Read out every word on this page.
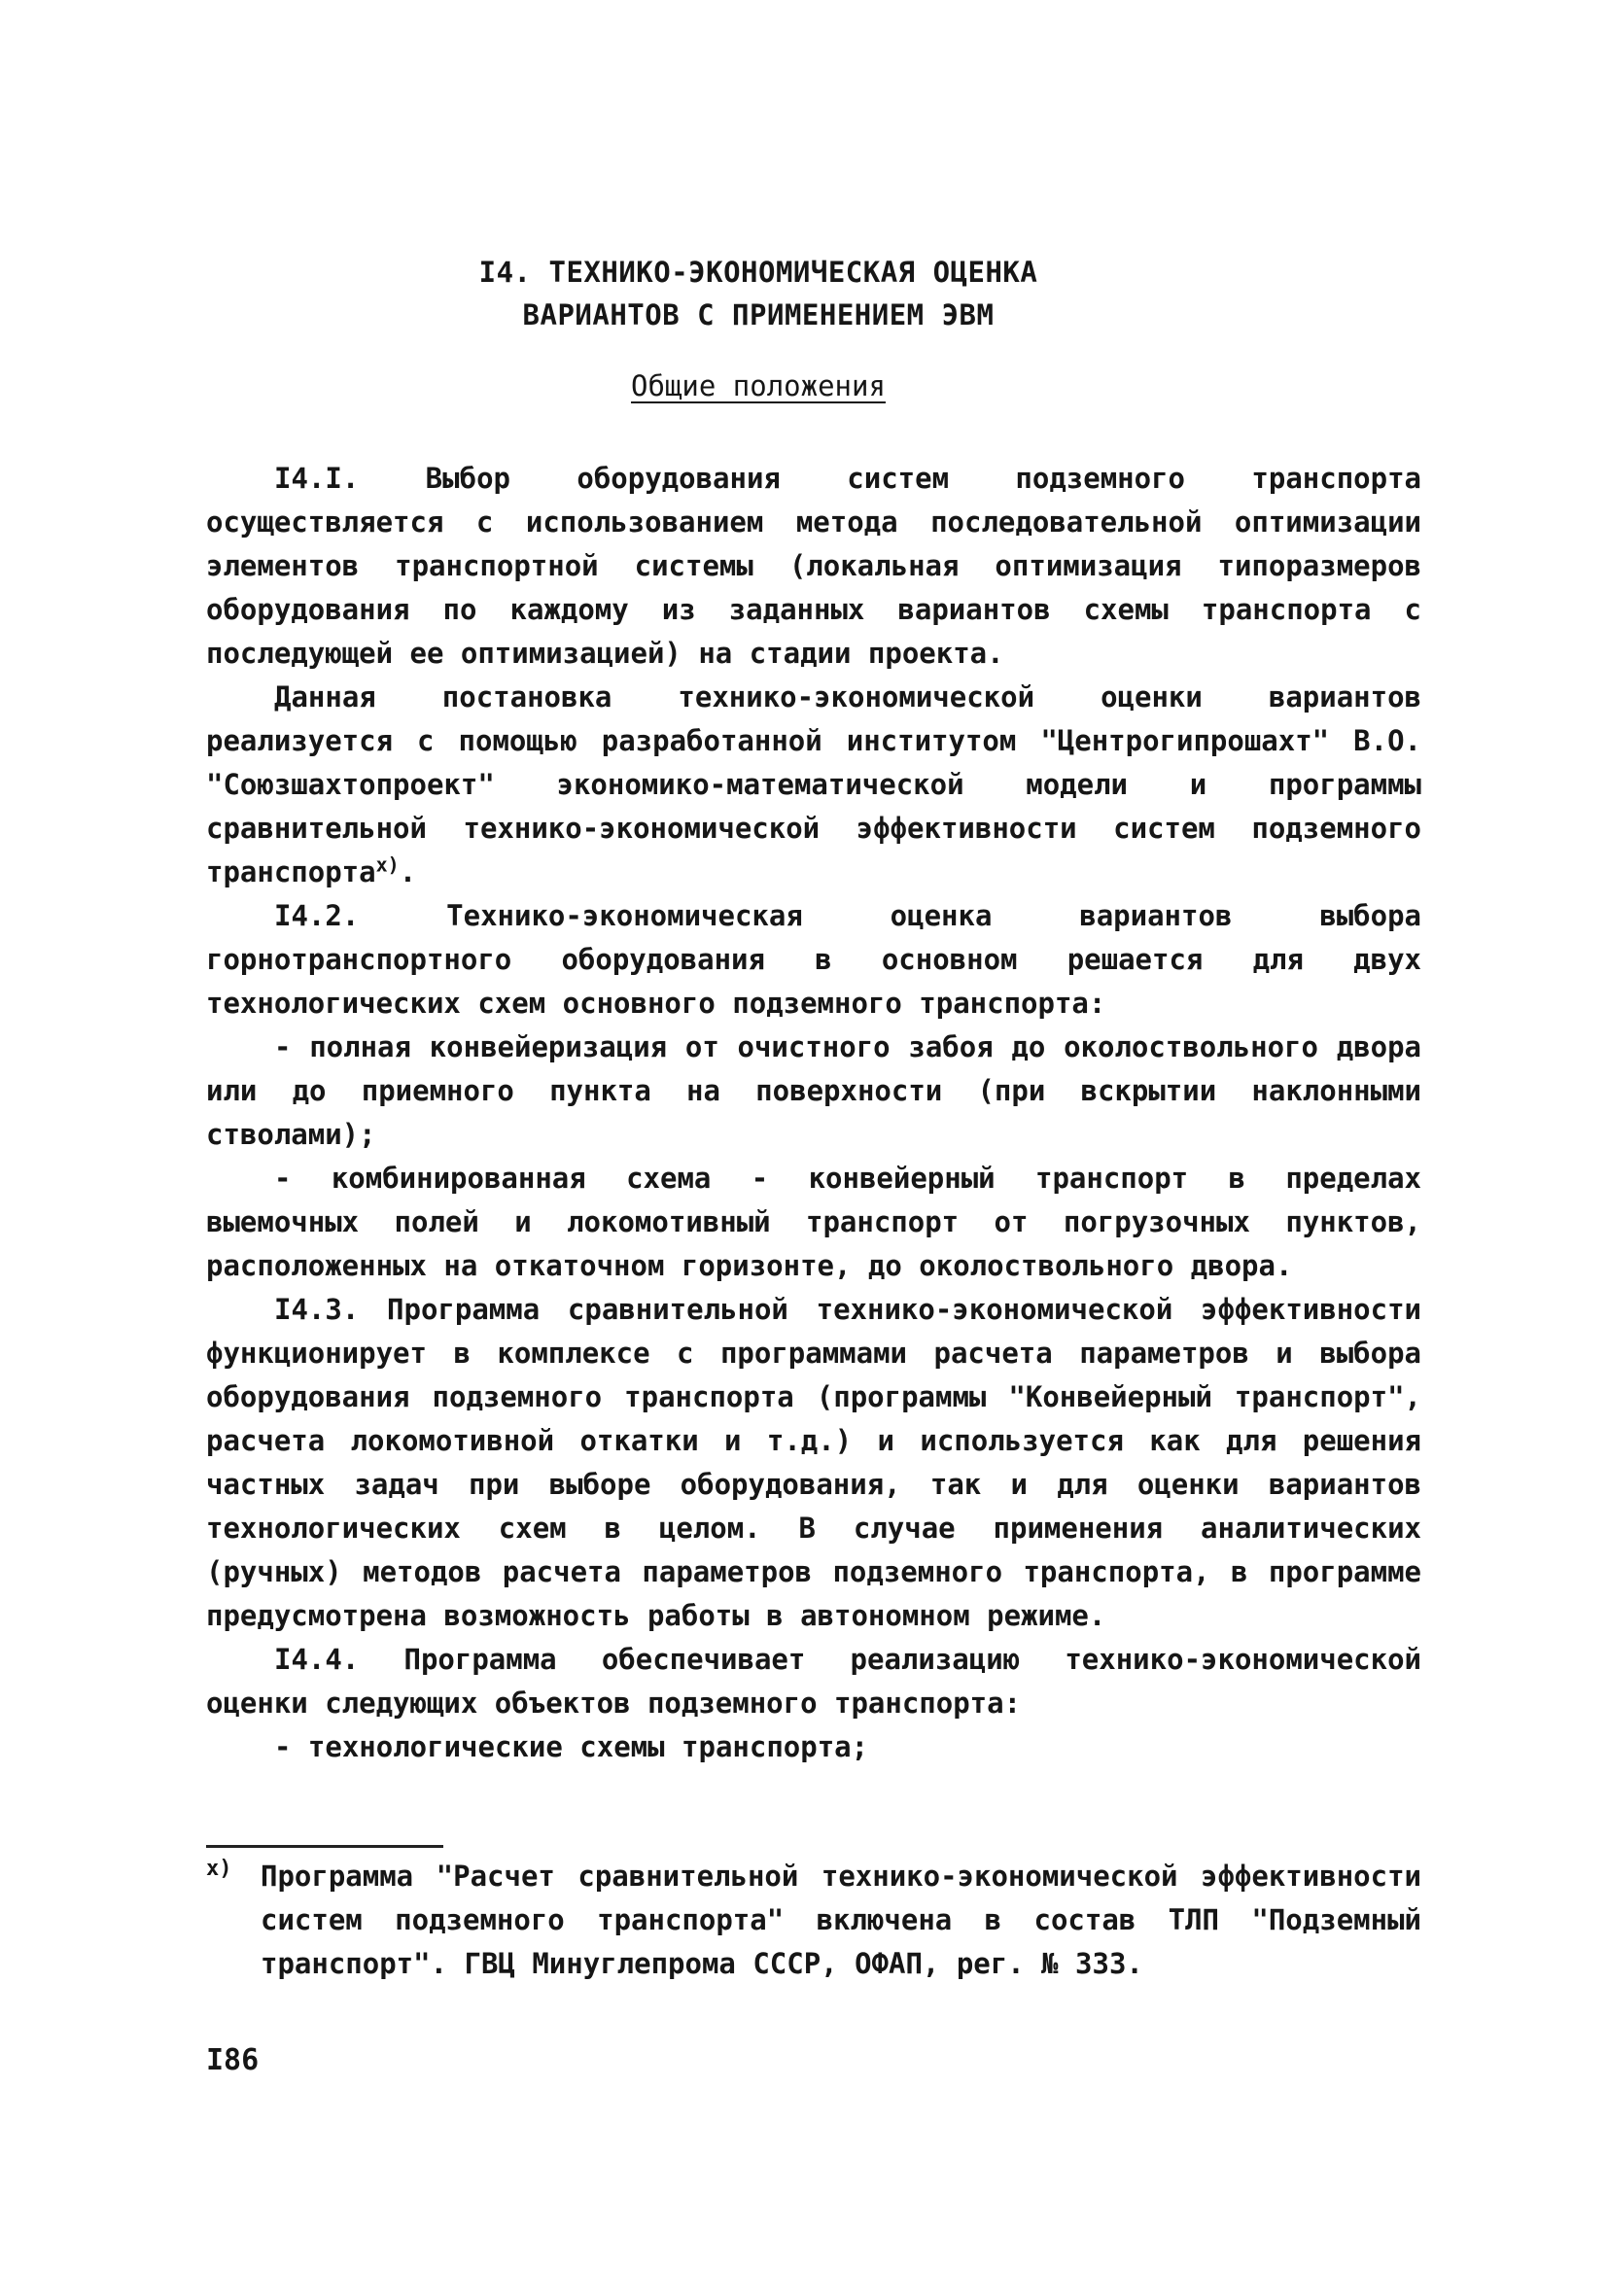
I4. ТЕХНИКО-ЭКОНОМИЧЕСКАЯ ОЦЕНКА
ВАРИАНТОВ С ПРИМЕНЕНИЕМ ЭВМ
Общие положения

I4.I. Выбор оборудования систем подземного транспорта осуществляется с использованием метода последовательной оптимизации элементов транспортной системы (локальная оптимизация типоразмеров оборудования по каждому из заданных вариантов схемы транспорта с последующей ее оптимизацией) на стадии проекта.

Данная постановка технико-экономической оценки вариантов реализуется с помощью разработанной институтом "Центрогипрошахт" В.О. "Союзшахтопроект" экономико-математической модели и программы сравнительной технико-экономической эффективности систем подземного транспорта$^{x)}$.

I4.2. Технико-экономическая оценка вариантов выбора горнотранспортного оборудования в основном решается для двух технологических схем основного подземного транспорта:

- полная конвейеризация от очистного забоя до околоствольного двора или до приемного пункта на поверхности (при вскрытии наклонными стволами);

- комбинированная схема - конвейерный транспорт в пределах выемочных полей и локомотивный транспорт от погрузочных пунктов, расположенных на откаточном горизонте, до околоствольного двора.

I4.3. Программа сравнительной технико-экономической эффективности функционирует в комплексе с программами расчета параметров и выбора оборудования подземного транспорта (программы "Конвейерный транспорт", расчета локомотивной откатки и т.д.) и используется как для решения частных задач при выборе оборудования, так и для оценки вариантов технологических схем в целом. В случае применения аналитических (ручных) методов расчета параметров подземного транспорта, в программе предусмотрена возможность работы в автономном режиме.

I4.4. Программа обеспечивает реализацию технико-экономической оценки следующих объектов подземного транспорта:

- технологические схемы транспорта;

x) Программа "Расчет сравнительной технико-экономической эффективности систем подземного транспорта" включена в состав ТЛП "Подземный транспорт". ГВЦ Минуглепрома СССР, ОФАП, рег. № 333.
I86
